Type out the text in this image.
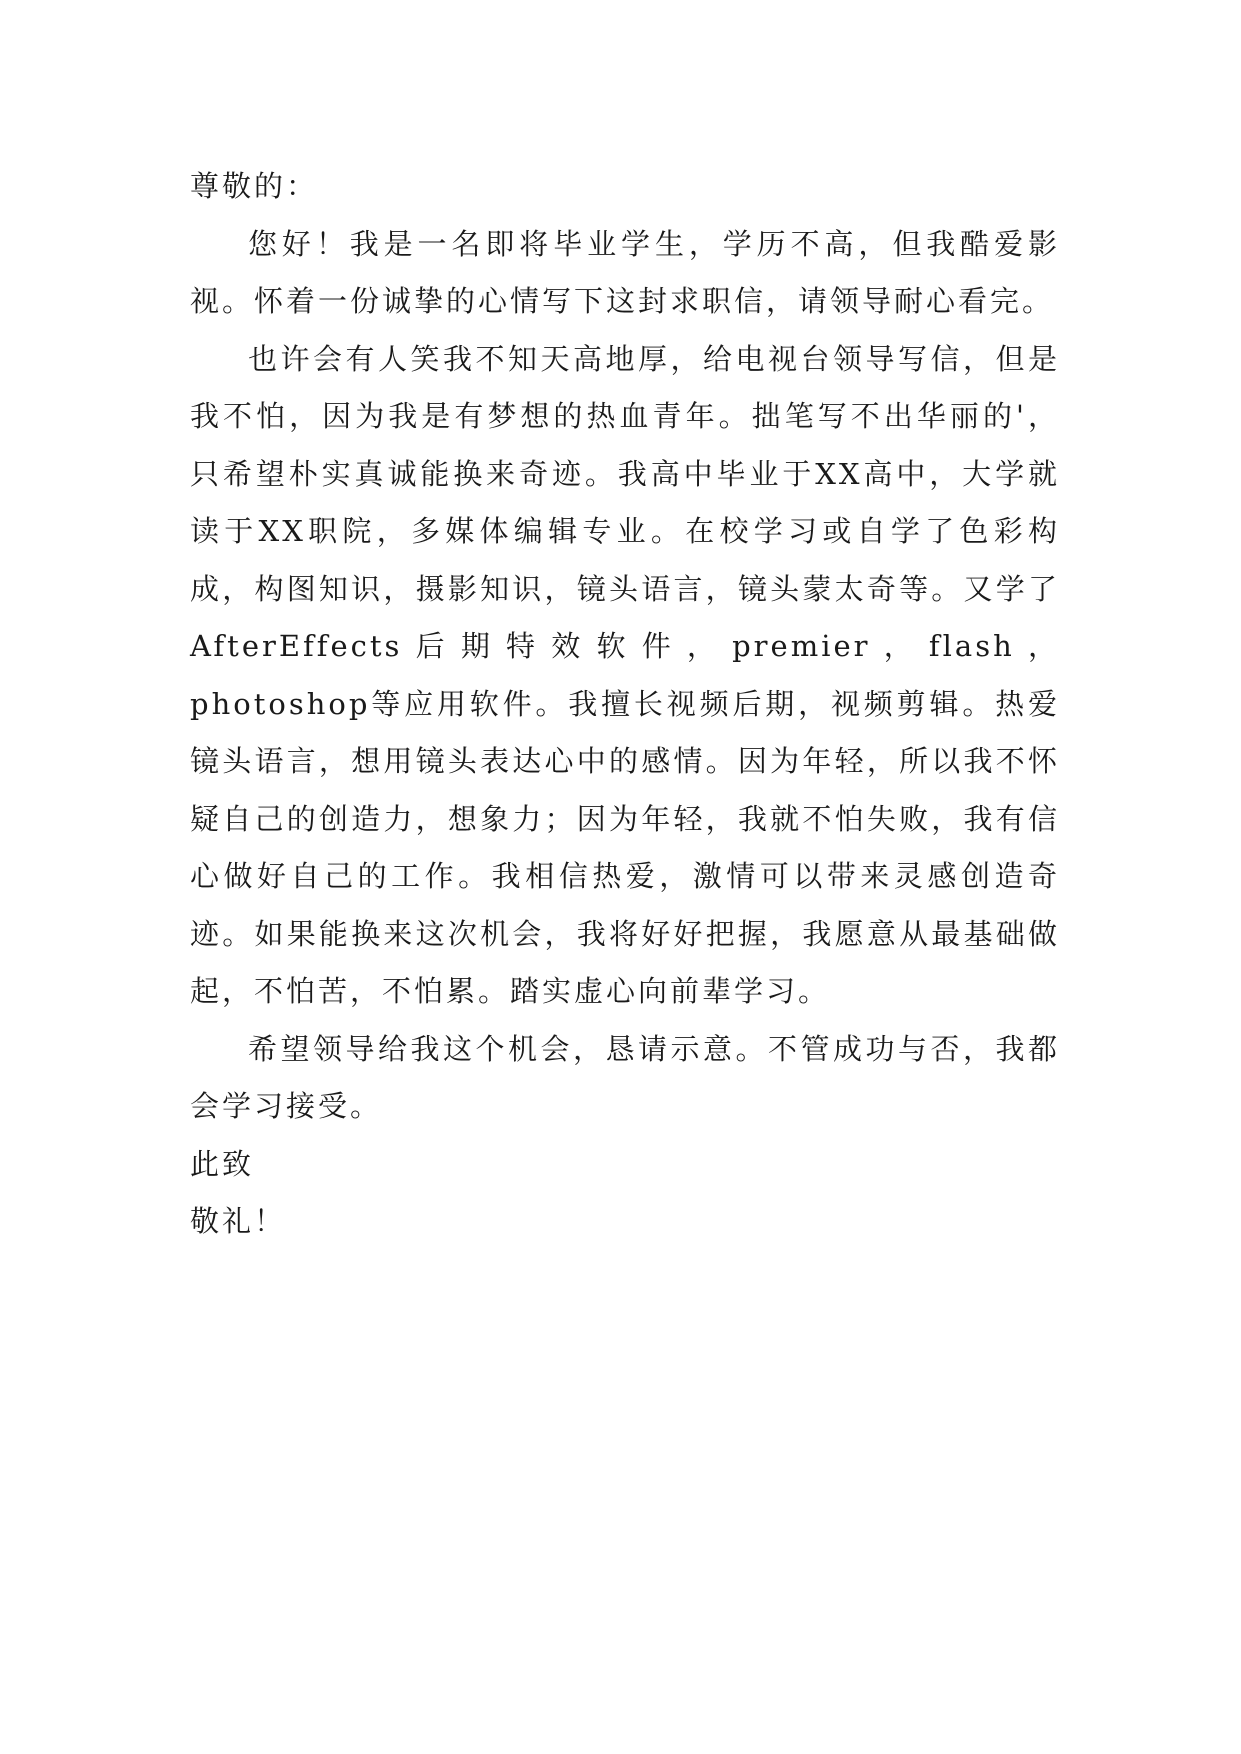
尊敬的：

您好！我是一名即将毕业学生，学历不高，但我酷爱影视。怀着一份诚挚的心情写下这封求职信，请领导耐心看完。

也许会有人笑我不知天高地厚，给电视台领导写信，但是我不怕，因为我是有梦想的热血青年。拙笔写不出华丽的'，只希望朴实真诚能换来奇迹。我高中毕业于XX高中，大学就读于XX职院，多媒体编辑专业。在校学习或自学了色彩构成，构图知识，摄影知识，镜头语言，镜头蒙太奇等。又学了AfterEffects后期特效软件，premier，flash，photoshop等应用软件。我擅长视频后期，视频剪辑。热爱镜头语言，想用镜头表达心中的感情。因为年轻，所以我不怀疑自己的创造力，想象力；因为年轻，我就不怕失败，我有信心做好自己的工作。我相信热爱，激情可以带来灵感创造奇迹。如果能换来这次机会，我将好好把握，我愿意从最基础做起，不怕苦，不怕累。踏实虚心向前辈学习。

希望领导给我这个机会，恳请示意。不管成功与否，我都会学习接受。

此致

敬礼！
